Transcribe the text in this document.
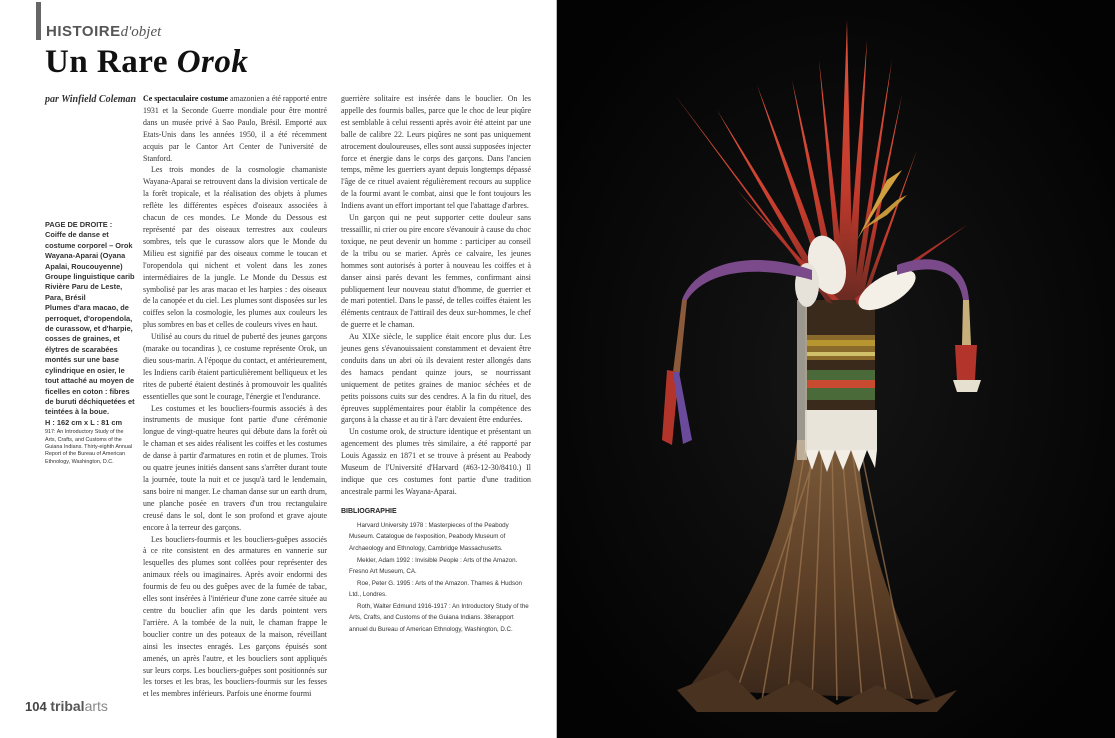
HISTOIREd'objet
Un Rare Orok
par Winfield Coleman
PAGE DE DROITE :
Coiffe de danse et costume corporel – Orok
Wayana-Aparai (Oyana Apalai, Roucouyenne)
Groupe linguistique carib
Rivière Paru de Leste, Para, Brésil
Plumes d'ara macao, de perroquet, d'oropendola, de curassow, et d'harpie, cosses de graines, et élytres de scarabées montés sur une base cylindrique en osier, le tout attaché au moyen de ficelles en coton : fibres de buruti déchiquetées et teintées à la boue.
H : 162 cm x L : 81 cm
917: An Introductory Study of the Arts, Crafts, and Customs of the Guiana Indians. Thirty-eighth Annual Report of the Bureau of American Ethnology, Washington, D.C.

Ce spectaculaire costume amazonien a été rapporté entre 1931 et la Seconde Guerre mondiale pour être montré dans un musée privé à Sao Paulo, Brésil. Emporté aux Etats-Unis dans les années 1950, il a été récemment acquis par le Cantor Art Center de l'université de Stanford.

Les trois mondes de la cosmologie chamaniste Wayana-Aparai se retrouvent dans la division verticale de la forêt tropicale, et la réalisation des objets à plumes reflète les différentes espèces d'oiseaux associées à chacun de ces mondes. Le Monde du Dessous est représenté par des oiseaux terrestres aux couleurs sombres, tels que le curassow alors que le Monde du Milieu est signifié par des oiseaux comme le toucan et l'oropendola qui nichent et volent dans les zones intermédiaires de la jungle. Le Monde du Dessus est symbolisé par les aras macao et les harpies : des oiseaux de la canopée et du ciel. Les plumes sont disposées sur les coiffes selon la cosmologie, les plumes aux couleurs les plus sombres en bas et celles de couleurs vives en haut.

Utilisé au cours du rituel de puberté des jeunes garçons (marake ou tocandiras ), ce costume représente Orok, un dieu sous-marin. A l'époque du contact, et antérieurement, les Indiens carib étaient particulièrement belliqueux et les rites de puberté étaient destinés à promouvoir les qualités essentielles que sont le courage, l'énergie et l'endurance.

Les costumes et les boucliers-fourmis associés à des instruments de musique font partie d'une cérémonie longue de vingt-quatre heures qui débute dans la forêt où le chaman et ses aides réalisent les coiffes et les costumes de danse à partir d'armatures en rotin et de plumes. Trois ou quatre jeunes initiés dansent sans s'arrêter durant toute la journée, toute la nuit et ce jusqu'à tard le lendemain, sans boire ni manger. Le chaman danse sur un earth drum, une planche posée en travers d'un trou rectangulaire creusé dans le sol, dont le son profond et grave ajoute encore à la terreur des garçons.

Les boucliers-fourmis et les boucliers-guêpes associés à ce rite consistent en des armatures en vannerie sur lesquelles des plumes sont collées pour représenter des animaux réels ou imaginaires. Après avoir endormi des fourmis de feu ou des guêpes avec de la fumée de tabac, elles sont insérées à l'intérieur d'une zone carrée située au centre du bouclier afin que les dards pointent vers l'arrière. A la tombée de la nuit, le chaman frappe le bouclier contre un des poteaux de la maison, réveillant ainsi les insectes enragés. Les garçons épuisés sont amenés, un après l'autre, et les boucliers sont appliqués sur leurs corps. Les boucliers-guêpes sont positionnés sur les torses et les bras, les boucliers-fourmis sur les fesses et les membres inférieurs. Parfois une énorme fourmi

guerrière solitaire est insérée dans le bouclier. On les appelle des fourmis balles, parce que le choc de leur piqûre est semblable à celui ressenti après avoir été atteint par une balle de calibre 22. Leurs piqûres ne sont pas uniquement atrocement douloureuses, elles sont aussi supposées injecter force et énergie dans le corps des garçons. Dans l'ancien temps, même les guerriers ayant depuis longtemps dépassé l'âge de ce rituel avaient régulièrement recours au supplice de la fourmi avant le combat, ainsi que le font toujours les Indiens avant un effort important tel que l'abattage d'arbres.

Un garçon qui ne peut supporter cette douleur sans tressaillir, ni crier ou pire encore s'évanouir à cause du choc toxique, ne peut devenir un homme : participer au conseil de la tribu ou se marier. Après ce calvaire, les jeunes hommes sont autorisés à porter à nouveau les coiffes et à danser ainsi parés devant les femmes, confirmant ainsi publiquement leur nouveau statut d'homme, de guerrier et de mari potentiel. Dans le passé, de telles coiffes étaient les éléments centraux de l'attirail des deux sur-hommes, le chef de guerre et le chaman.

Au XIXe siècle, le supplice était encore plus dur. Les jeunes gens s'évanouissaient constamment et devaient être conduits dans un abri où ils devaient rester allongés dans des hamacs pendant quinze jours, se nourrissant uniquement de petites graines de manioc séchées et de petits poissons cuits sur des cendres. A la fin du rituel, des épreuves supplémentaires pour établir la compétence des garçons à la chasse et au tir à l'arc devaient être endurées.

Un costume orok, de structure identique et présentant un agencement des plumes très similaire, a été rapporté par Louis Agassiz en 1871 et se trouve à présent au Peabody Museum de l'Université d'Harvard (#63-12-30/8410.) Il indique que ces costumes font partie d'une tradition ancestrale parmi les Wayana-Aparai.

BIBLIOGRAPHIE

Harvard University 1978 : Masterpieces of the Peabody Museum. Catalogue de l'exposition, Peabody Museum of Archaeology and Ethnology, Cambridge Massachusetts.

Mekler, Adam 1992 : Invisible People : Arts of the Amazon. Fresno Art Museum, CA.

Roe, Peter G. 1995 : Arts of the Amazon. Thames & Hudson Ltd., Londres.

Roth, Walter Edmund 1916-1917 : An Introductory Study of the Arts, Crafts, and Customs of the Guiana Indians. 38erapport annuel du Bureau of American Ethnology, Washington, D.C.

104 tribalarts
